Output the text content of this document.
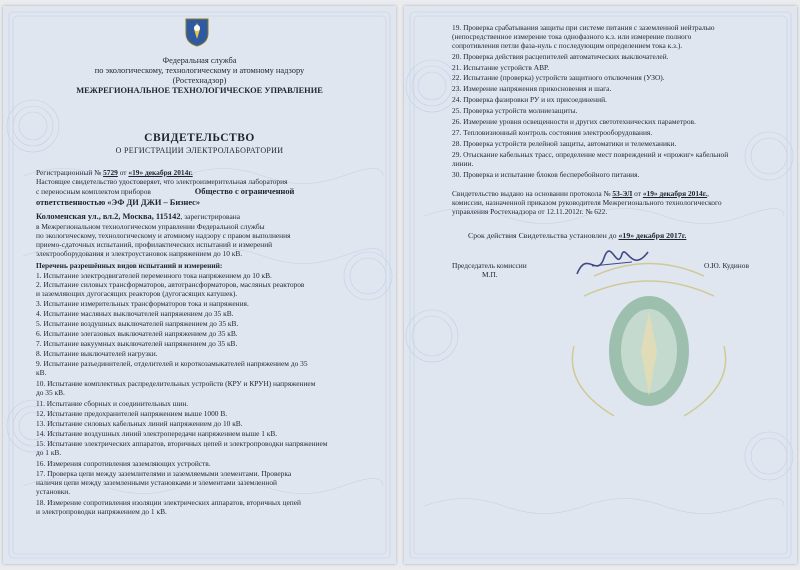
Федеральная служба
по экологическому, технологическому и атомному надзору
(Ростехнадзор)
МЕЖРЕГИОНАЛЬНОЕ ТЕХНОЛОГИЧЕСКОЕ УПРАВЛЕНИЕ
СВИДЕТЕЛЬСТВО
О РЕГИСТРАЦИИ ЭЛЕКТРОЛАБОРАТОРИИ
Регистрационный № 5729 от «19» декабря 2014г.
Настоящее свидетельство удостоверяет, что электроизмерительная лаборатория
с переносным комплектом приборов	Общество с ограниченной
ответственностью «ЭФ ДИ ДЖИ – Бизнес»
Коломенская ул., вл.2, Москва, 115142, зарегистрирована
в Межрегиональном технологическом управлении Федеральной службы
по экологическому, технологическому и атомному надзору с правом выполнения
приемо-сдаточных испытаний, профилактических испытаний и измерений
электрооборудования и электроустановок напряжением до 10 кВ.
Перечень разрешённых видов испытаний и измерений:
1. Испытание электродвигателей переменного тока напряжением до 10 кВ.
2. Испытание силовых трансформаторов, автотрансформаторов, масляных реакторов
и заземляющих дугогасящих реакторов (дугогасящих катушек).
3. Испытание измерительных трансформаторов тока и напряжения.
4. Испытание масляных выключателей напряжением до 35 кВ.
5. Испытание воздушных выключателей напряжением до 35 кВ.
6. Испытание элегазовых выключателей напряжением до 35 кВ.
7. Испытание вакуумных выключателей напряжением до 35 кВ.
8. Испытание выключателей нагрузки.
9. Испытание разъединителей, отделителей и короткозамыкателей напряжением до 35
кВ.
10. Испытание комплектных распределительных устройств (КРУ и КРУН) напряжением
до 35 кВ.
11. Испытание сборных и соединительных шин.
12. Испытание предохранителей напряжением выше 1000 В.
13. Испытание силовых кабельных линий напряжением до 10 кВ.
14. Испытание воздушных линий электропередачи напряжением выше 1 кВ.
15. Испытание электрических аппаратов, вторичных цепей и электропроводки напряжением
до 1 кВ.
16. Измерения сопротивления заземляющих устройств.
17. Проверка цепи между заземлителями и заземляемыми элементами. Проверка
наличия цепи между заземленными установками и элементами заземленной
установки.
18. Измерение сопротивления изоляции электрических аппаратов, вторичных цепей
и электропроводки напряжением до 1 кВ.
19. Проверка срабатывания защиты при системе питания с заземленной нейтралью
(непосредственное измерение тока однофазного к.з. или измерение полного
сопротивления петли фаза-нуль с последующим определением тока к.з.).
20. Проверка действия расцепителей автоматических выключателей.
21. Испытание устройств АВР.
22. Испытание (проверка) устройств защитного отключения (УЗО).
23. Измерение напряжения прикосновения и шага.
24. Проверка фазировки РУ и их присоединений.
25. Проверка устройств молниезащиты.
26. Измерение уровня освещенности и других светотехнических параметров.
27. Тепловизионный контроль состояния электрооборудования.
28. Проверка устройств релейной защиты, автоматики и телемеханики.
29. Отыскание кабельных трасс, определение мест повреждений и «прожиг» кабельной
линии.
30. Проверка и испытание блоков бесперебойного питания.
Свидетельство выдано на основании протокола № 53-ЭЛ от «19» декабря 2014г.,
комиссии, назначенной приказом руководителя Межрегионального технологического
управления Ростехнадзора от 12.11.2012г. № 622.
Срок действия Свидетельства установлен до «19» декабря 2017г.
Председатель комиссии
М.П.
О.Ю. Кудинов
